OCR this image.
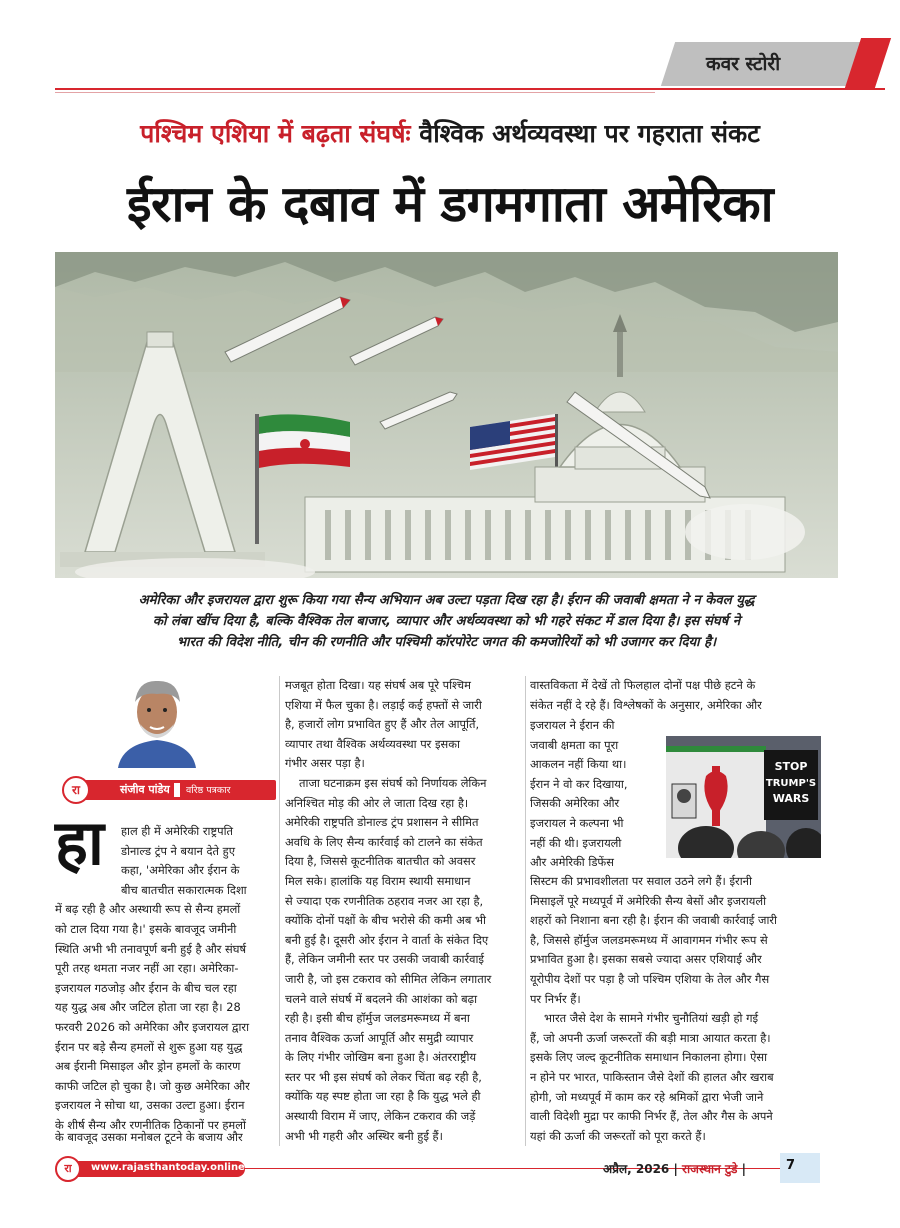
कवर स्टोरी
पश्चिम एशिया में बढ़ता संघर्षः वैश्विक अर्थव्यवस्था पर गहराता संकट
ईरान के दबाव में डगमगाता अमेरिका
अमेरिका और इजरायल द्वारा शुरू किया गया सैन्य अभियान अब उल्टा पड़ता दिख रहा है। ईरान की जवाबी क्षमता ने न केवल युद्ध
को लंबा खींच दिया है, बल्कि वैश्विक तेल बाजार, व्यापार और अर्थव्यवस्था को भी गहरे संकट में डाल दिया है। इस संघर्ष ने
भारत की विदेश नीति, चीन की रणनीति और पश्चिमी कॉरपोरेट जगत की कमजोरियों को भी उजागर कर दिया है।
रा	संजीव पांडेय वरिष्ठ पत्रकार
हा	हाल ही में अमेरिकी राष्ट्रपति

डोनाल्ड ट्रंप ने बयान देते हुए

कहा, 'अमेरिका और ईरान के

बीच बातचीत सकारात्मक दिशा

में बढ़ रही है और अस्थायी रूप से सैन्य हमलों

को टाल दिया गया है।' इसके बावजूद जमीनी

स्थिति अभी भी तनावपूर्ण बनी हुई है और संघर्ष

पूरी तरह थमता नजर नहीं आ रहा। अमेरिका-

इजरायल गठजोड़ और ईरान के बीच चल रहा

यह युद्ध अब और जटिल होता जा रहा है। 28

फरवरी 2026 को अमेरिका और इजरायल द्वारा

ईरान पर बड़े सैन्य हमलों से शुरू हुआ यह युद्ध

अब ईरानी मिसाइल और ड्रोन हमलों के कारण

काफी जटिल हो चुका है। जो कुछ अमेरिका और

इजरायल ने सोचा था, उसका उल्टा हुआ। ईरान

के शीर्ष सैन्य और रणनीतिक ठिकानों पर हमलों

के बावजूद उसका मनोबल टूटने के बजाय और

मजबूत होता दिखा। यह संघर्ष अब पूरे पश्चिम

एशिया में फैल चुका है। लड़ाई कई हफ्तों से जारी

है, हजारों लोग प्रभावित हुए हैं और तेल आपूर्ति,

व्यापार तथा वैश्विक अर्थव्यवस्था पर इसका

गंभीर असर पड़ा है।

ताजा घटनाक्रम इस संघर्ष को निर्णायक लेकिन

अनिश्चित मोड़ की ओर ले जाता दिख रहा है।

अमेरिकी राष्ट्रपति डोनाल्ड ट्रंप प्रशासन ने सीमित

अवधि के लिए सैन्य कार्रवाई को टालने का संकेत

दिया है, जिससे कूटनीतिक बातचीत को अवसर

मिल सके। हालांकि यह विराम स्थायी समाधान

से ज्यादा एक रणनीतिक ठहराव नजर आ रहा है,

क्योंकि दोनों पक्षों के बीच भरोसे की कमी अब भी

बनी हुई है। दूसरी ओर ईरान ने वार्ता के संकेत दिए

हैं, लेकिन जमीनी स्तर पर उसकी जवाबी कार्रवाई

जारी है, जो इस टकराव को सीमित लेकिन लगातार

चलने वाले संघर्ष में बदलने की आशंका को बढ़ा

रही है। इसी बीच हॉर्मुज जलडमरूमध्य में बना

तनाव वैश्विक ऊर्जा आपूर्ति और समुद्री व्यापार

के लिए गंभीर जोखिम बना हुआ है। अंतरराष्ट्रीय

स्तर पर भी इस संघर्ष को लेकर चिंता बढ़ रही है,

क्योंकि यह स्पष्ट होता जा रहा है कि युद्ध भले ही

अस्थायी विराम में जाए, लेकिन टकराव की जड़ें

अभी भी गहरी और अस्थिर बनी हुई हैं।

वास्तविकता में देखें तो फिलहाल दोनों पक्ष पीछे हटने के

संकेत नहीं दे रहे हैं। विश्लेषकों के अनुसार, अमेरिका और

इजरायल ने ईरान की

जवाबी क्षमता का पूरा

आकलन नहीं किया था।

ईरान ने वो कर दिखाया,

जिसकी अमेरिका और

इजरायल ने कल्पना भी

नहीं की थी। इजरायली

और अमेरिकी डिफेंस

STOP
TRUMP'S
WARS

सिस्टम की प्रभावशीलता पर सवाल उठने लगे हैं। ईरानी

मिसाइलें पूरे मध्यपूर्व में अमेरिकी सैन्य बेसों और इजरायली

शहरों को निशाना बना रही है। ईरान की जवाबी कार्रवाई जारी

है, जिससे हॉर्मुज जलडमरूमध्य में आवागमन गंभीर रूप से

प्रभावित हुआ है। इसका सबसे ज्यादा असर एशियाई और

यूरोपीय देशों पर पड़ा है जो पश्चिम एशिया के तेल और गैस

पर निर्भर हैं।

भारत जैसे देश के सामने गंभीर चुनौतियां खड़ी हो गई

हैं, जो अपनी ऊर्जा जरूरतों की बड़ी मात्रा आयात करता है।

इसके लिए जल्द कूटनीतिक समाधान निकालना होगा। ऐसा

न होने पर भारत, पाकिस्तान जैसे देशों की हालत और खराब

होगी, जो मध्यपूर्व में काम कर रहे श्रमिकों द्वारा भेजी जाने

वाली विदेशी मुद्रा पर काफी निर्भर हैं, तेल और गैस के अपने

यहां की ऊर्जा की जरूरतों को पूरा करते हैं।

रा	www.rajasthantoday.online	अप्रैल, 2026 | राजस्थान टुडे |	7
